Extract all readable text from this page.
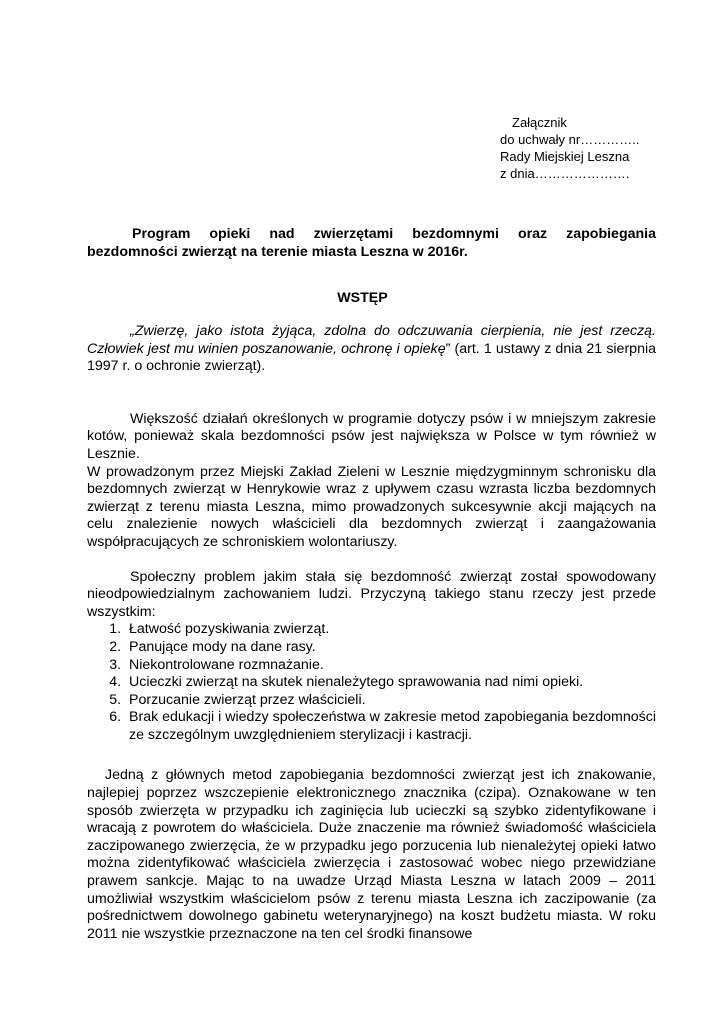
Załącznik
do uchwały nr…………..
Rady Miejskiej Leszna
z dnia………………….
Program opieki nad zwierzętami bezdomnymi oraz zapobiegania bezdomności zwierząt na terenie miasta Leszna w 2016r.
WSTĘP

„Zwierzę, jako istota żyjąca, zdolna do odczuwania cierpienia, nie jest rzeczą. Człowiek jest mu winien poszanowanie, ochronę i opiekę” (art. 1 ustawy z dnia 21 sierpnia 1997 r. o ochronie zwierząt).

Większość działań określonych w programie dotyczy psów i w mniejszym zakresie kotów, ponieważ skala bezdomności psów jest największa w Polsce w tym również w Lesznie.

W prowadzonym przez Miejski Zakład Zieleni w Lesznie międzygminnym schronisku dla bezdomnych zwierząt w Henrykowie wraz z upływem czasu wzrasta liczba bezdomnych zwierząt z terenu miasta Leszna, mimo prowadzonych sukcesywnie akcji mających na celu znalezienie nowych właścicieli dla bezdomnych zwierząt i zaangażowania współpracujących ze schroniskiem wolontariuszy.

Społeczny problem jakim stała się bezdomność zwierząt został spowodowany nieodpowiedzialnym zachowaniem ludzi. Przyczyną takiego stanu rzeczy jest przede wszystkim:

1. Łatwość pozyskiwania zwierząt.
2. Panujące mody na dane rasy.
3. Niekontrolowane rozmnażanie.
4. Ucieczki zwierząt na skutek nienależytego sprawowania nad nimi opieki.
5. Porzucanie zwierząt przez właścicieli.
6. Brak edukacji i wiedzy społeczeństwa w zakresie metod zapobiegania bezdomności ze szczególnym uwzględnieniem sterylizacji i kastracji.

Jedną z głównych metod zapobiegania bezdomności zwierząt jest ich znakowanie, najlepiej poprzez wszczepienie elektronicznego znacznika (czipa). Oznakowane w ten sposób zwierzęta w przypadku ich zaginięcia lub ucieczki są szybko zidentyfikowane i wracają z powrotem do właściciela. Duże znaczenie ma również świadomość właściciela zaczipowanego zwierzęcia, że w przypadku jego porzucenia lub nienależytej opieki łatwo można zidentyfikować właściciela zwierzęcia i zastosować wobec niego przewidziane prawem sankcje. Mając to na uwadze Urząd Miasta Leszna w latach 2009 – 2011 umożliwiał wszystkim właścicielom psów z terenu miasta Leszna ich zaczipowanie (za pośrednictwem dowolnego gabinetu weterynaryjnego) na koszt budżetu miasta. W roku 2011 nie wszystkie przeznaczone na ten cel środki finansowe
